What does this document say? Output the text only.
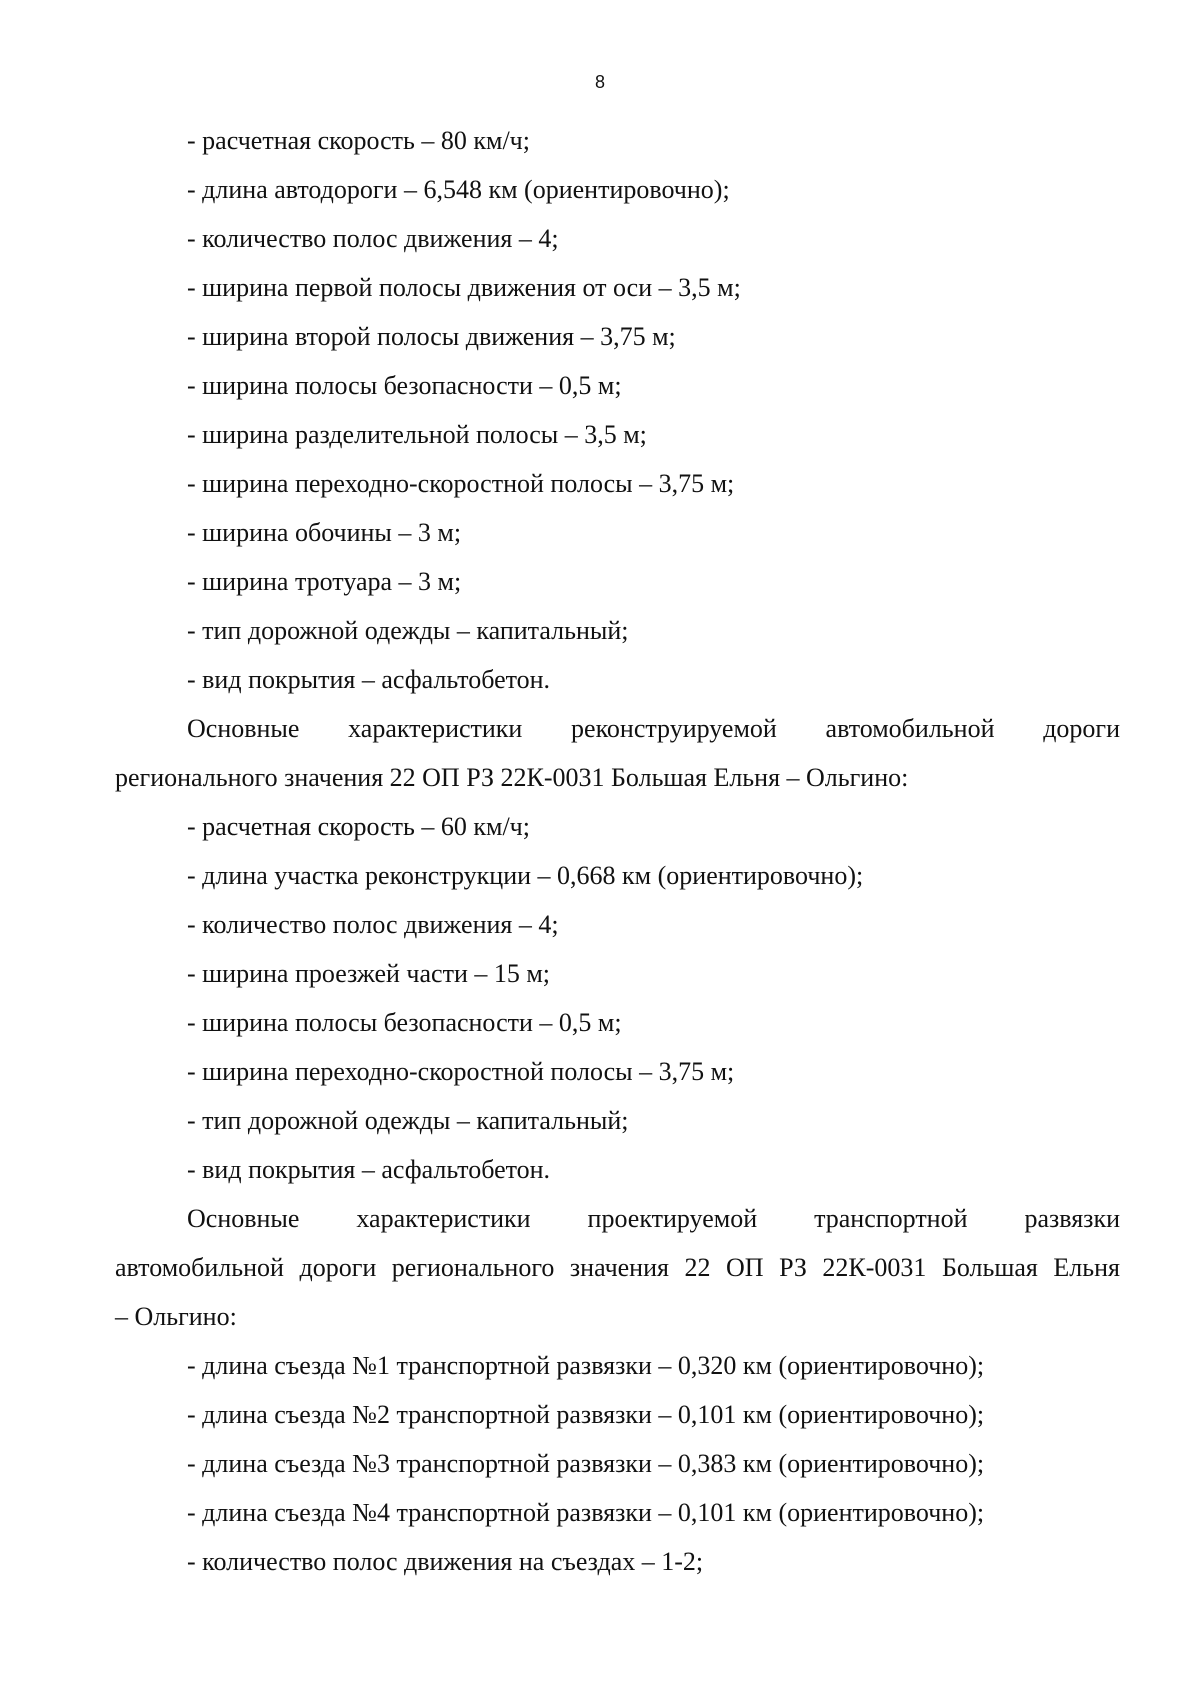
8
- расчетная скорость – 80 км/ч;
- длина автодороги – 6,548 км (ориентировочно);
- количество полос движения – 4;
- ширина первой полосы движения от оси – 3,5 м;
- ширина второй полосы движения – 3,75 м;
- ширина полосы безопасности – 0,5 м;
- ширина разделительной полосы – 3,5 м;
- ширина переходно-скоростной полосы – 3,75 м;
- ширина обочины – 3 м;
- ширина тротуара – 3 м;
- тип дорожной одежды – капитальный;
- вид покрытия – асфальтобетон.
Основные характеристики реконструируемой автомобильной дороги
регионального значения 22 ОП РЗ 22К-0031 Большая Ельня – Ольгино:
- расчетная скорость – 60 км/ч;
- длина участка реконструкции – 0,668 км (ориентировочно);
- количество полос движения – 4;
- ширина проезжей части – 15 м;
- ширина полосы безопасности – 0,5 м;
- ширина переходно-скоростной полосы – 3,75 м;
- тип дорожной одежды – капитальный;
- вид покрытия – асфальтобетон.
Основные характеристики проектируемой транспортной развязки
автомобильной дороги регионального значения 22 ОП РЗ 22К-0031 Большая Ельня
– Ольгино:
- длина съезда №1 транспортной развязки – 0,320 км (ориентировочно);
- длина съезда №2 транспортной развязки – 0,101 км (ориентировочно);
- длина съезда №3 транспортной развязки – 0,383 км (ориентировочно);
- длина съезда №4 транспортной развязки – 0,101 км (ориентировочно);
- количество полос движения на съездах – 1-2;
